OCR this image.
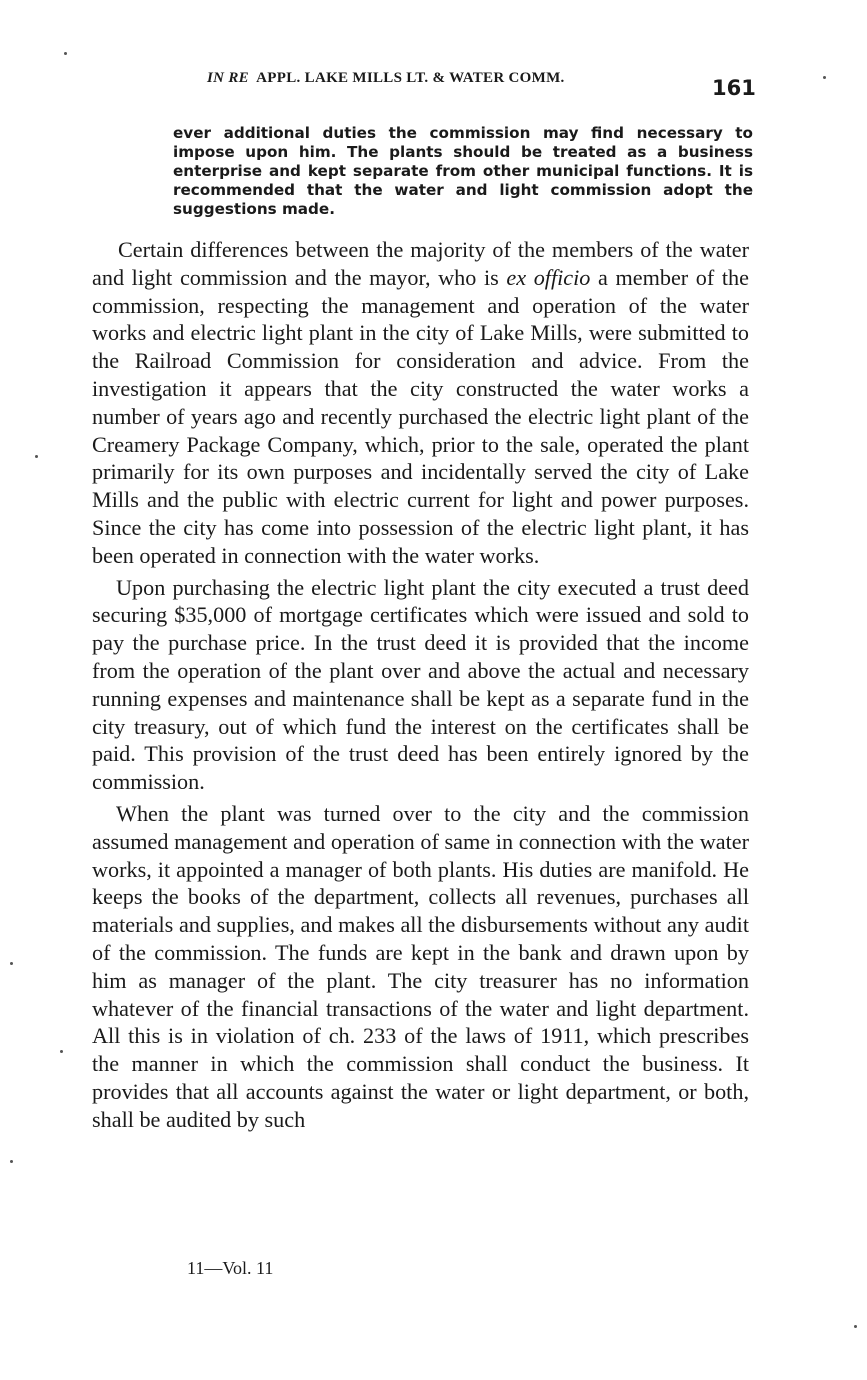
IN RE APPL. LAKE MILLS LT. & WATER COMM.	161

ever additional duties the commission may find necessary to impose upon him. The plants should be treated as a business enterprise and kept separate from other municipal functions. It is recommended that the water and light commission adopt the suggestions made.

Certain differences between the majority of the members of the water and light commission and the mayor, who is ex officio a member of the commission, respecting the management and operation of the water works and electric light plant in the city of Lake Mills, were submitted to the Railroad Commission for consideration and advice. From the investigation it appears that the city constructed the water works a number of years ago and recently purchased the electric light plant of the Creamery Package Company, which, prior to the sale, operated the plant primarily for its own purposes and incidentally served the city of Lake Mills and the public with electric current for light and power purposes. Since the city has come into possession of the electric light plant, it has been operated in connection with the water works.

Upon purchasing the electric light plant the city executed a trust deed securing $35,000 of mortgage certificates which were issued and sold to pay the purchase price. In the trust deed it is provided that the income from the operation of the plant over and above the actual and necessary running expenses and maintenance shall be kept as a separate fund in the city treasury, out of which fund the interest on the certificates shall be paid. This provision of the trust deed has been entirely ignored by the commission.

When the plant was turned over to the city and the commission assumed management and operation of same in connection with the water works, it appointed a manager of both plants. His duties are manifold. He keeps the books of the department, collects all revenues, purchases all materials and supplies, and makes all the disbursements without any audit of the commission. The funds are kept in the bank and drawn upon by him as manager of the plant. The city treasurer has no information whatever of the financial transactions of the water and light department. All this is in violation of ch. 233 of the laws of 1911, which prescribes the manner in which the commission shall conduct the business. It provides that all accounts against the water or light department, or both, shall be audited by such

11—Vol. 11
